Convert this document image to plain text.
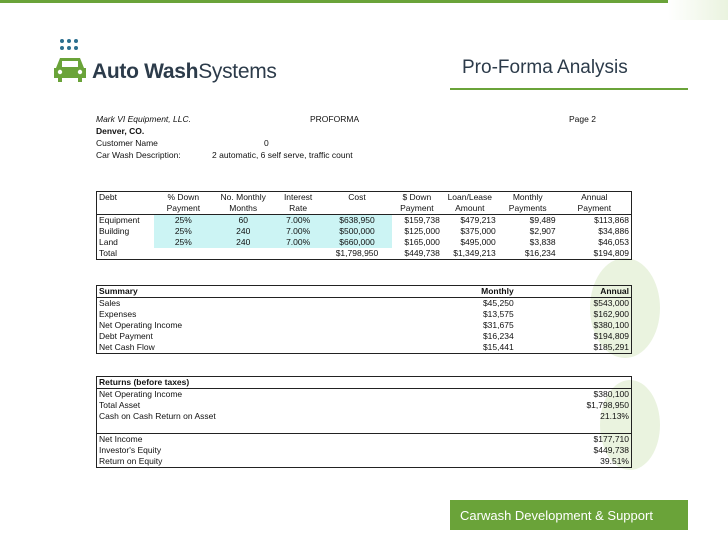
Auto WashSystems	Pro-Forma Analysis
Mark VI Equipment, LLC.	PROFORMA	Page 2
Denver, CO.
Customer Name	0
Car Wash Description:	2 automatic, 6 self serve, traffic count
Debt	% Down	No. Monthly	Interest	Cost	$ Down	Loan/Lease	Monthly	Annual
	Payment	Months	Rate		Payment	Amount	Payments	Payment
Equipment	25%	60	7.00%	$638,950	$159,738	$479,213	$9,489	$113,868
Building	25%	240	7.00%	$500,000	$125,000	$375,000	$2,907	$34,886
Land	25%	240	7.00%	$660,000	$165,000	$495,000	$3,838	$46,053
Total				$1,798,950	$449,738	$1,349,213	$16,234	$194,809
Summary	Monthly	Annual
Sales	$45,250	$543,000
Expenses	$13,575	$162,900
Net Operating Income	$31,675	$380,100
Debt Payment	$16,234	$194,809
Net Cash Flow	$15,441	$185,291
Returns (before taxes)	
Net Operating Income	$380,100
Total Asset	$1,798,950
Cash on Cash Return on Asset	21.13%

Net Income	$177,710
Investor's Equity	$449,738
Return on Equity	39.51%
Carwash Development & Support
